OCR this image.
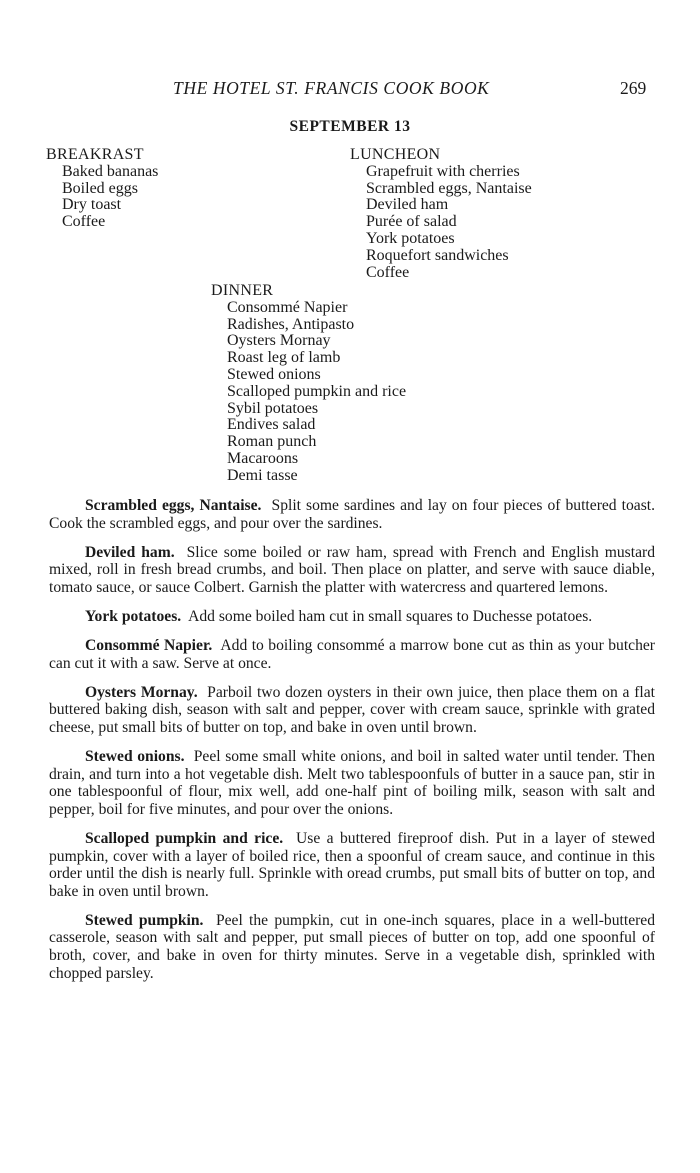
THE HOTEL ST. FRANCIS COOK BOOK	269
SEPTEMBER 13
BREAKRAST
Baked bananas
Boiled eggs
Dry toast
Coffee
LUNCHEON
Grapefruit with cherries
Scrambled eggs, Nantaise
Deviled ham
Purée of salad
York potatoes
Roquefort sandwiches
Coffee
DINNER
Consommé Napier
Radishes, Antipasto
Oysters Mornay
Roast leg of lamb
Stewed onions
Scalloped pumpkin and rice
Sybil potatoes
Endives salad
Roman punch
Macaroons
Demi tasse

Scrambled eggs, Nantaise. Split some sardines and lay on four pieces of buttered toast. Cook the scrambled eggs, and pour over the sardines.

Deviled ham. Slice some boiled or raw ham, spread with French and English mustard mixed, roll in fresh bread crumbs, and boil. Then place on platter, and serve with sauce diable, tomato sauce, or sauce Colbert. Garnish the platter with watercress and quartered lemons.

York potatoes. Add some boiled ham cut in small squares to Duchesse potatoes.

Consommé Napier. Add to boiling consommé a marrow bone cut as thin as your butcher can cut it with a saw. Serve at once.

Oysters Mornay. Parboil two dozen oysters in their own juice, then place them on a flat buttered baking dish, season with salt and pepper, cover with cream sauce, sprinkle with grated cheese, put small bits of butter on top, and bake in oven until brown.

Stewed onions. Peel some small white onions, and boil in salted water until tender. Then drain, and turn into a hot vegetable dish. Melt two tablespoonfuls of butter in a sauce pan, stir in one tablespoonful of flour, mix well, add one-half pint of boiling milk, season with salt and pepper, boil for five minutes, and pour over the onions.

Scalloped pumpkin and rice. Use a buttered fireproof dish. Put in a layer of stewed pumpkin, cover with a layer of boiled rice, then a spoonful of cream sauce, and continue in this order until the dish is nearly full. Sprinkle with oread crumbs, put small bits of butter on top, and bake in oven until brown.

Stewed pumpkin. Peel the pumpkin, cut in one-inch squares, place in a well-buttered casserole, season with salt and pepper, put small pieces of butter on top, add one spoonful of broth, cover, and bake in oven for thirty minutes. Serve in a vegetable dish, sprinkled with chopped parsley.
